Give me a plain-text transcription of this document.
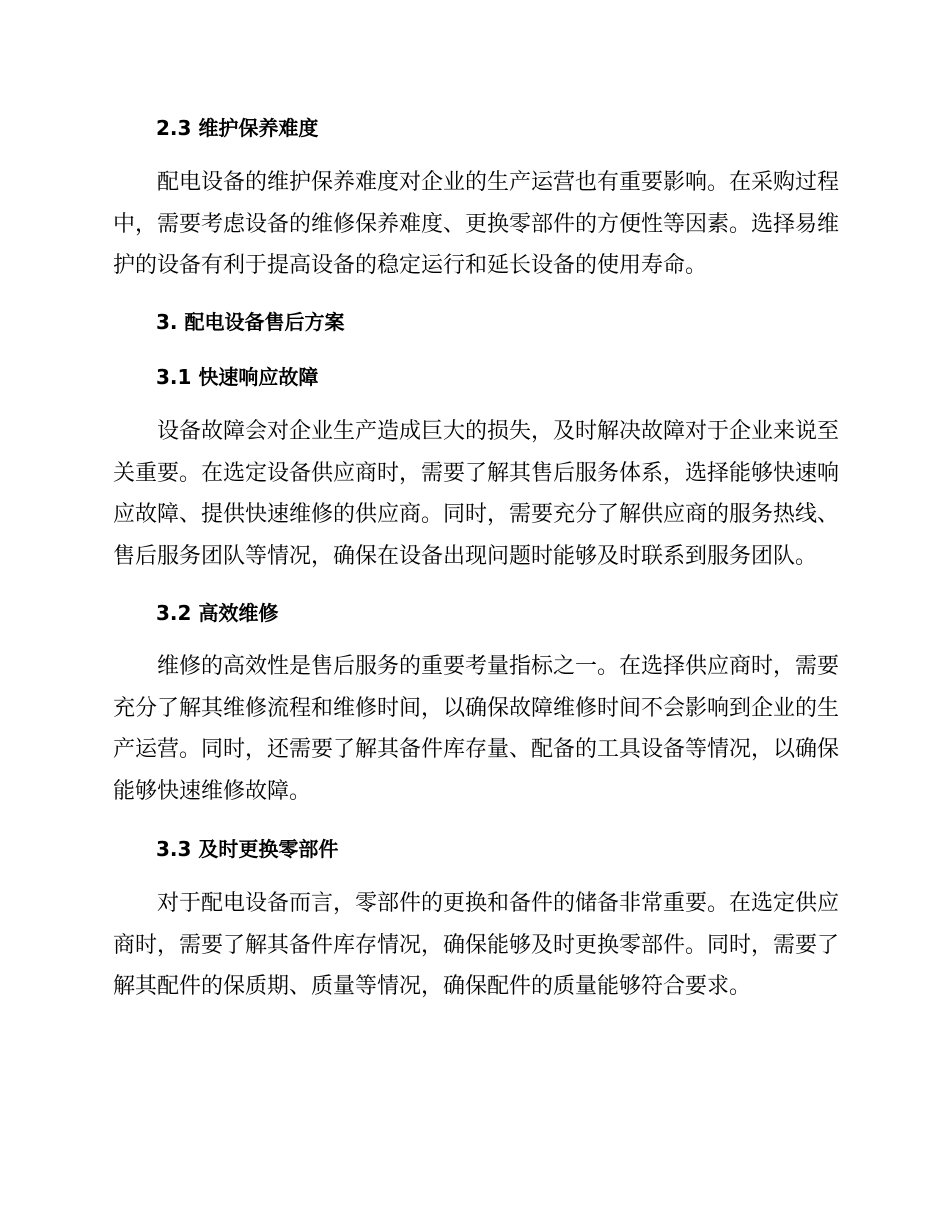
2.3 维护保养难度
配电设备的维护保养难度对企业的生产运营也有重要影响。在采购过程
中，需要考虑设备的维修保养难度、更换零部件的方便性等因素。选择易维
护的设备有利于提高设备的稳定运行和延长设备的使用寿命。
3. 配电设备售后方案
3.1 快速响应故障
设备故障会对企业生产造成巨大的损失，及时解决故障对于企业来说至
关重要。在选定设备供应商时，需要了解其售后服务体系，选择能够快速响
应故障、提供快速维修的供应商。同时，需要充分了解供应商的服务热线、
售后服务团队等情况，确保在设备出现问题时能够及时联系到服务团队。
3.2 高效维修
维修的高效性是售后服务的重要考量指标之一。在选择供应商时，需要
充分了解其维修流程和维修时间，以确保故障维修时间不会影响到企业的生
产运营。同时，还需要了解其备件库存量、配备的工具设备等情况，以确保
能够快速维修故障。
3.3 及时更换零部件
对于配电设备而言，零部件的更换和备件的储备非常重要。在选定供应
商时，需要了解其备件库存情况，确保能够及时更换零部件。同时，需要了
解其配件的保质期、质量等情况，确保配件的质量能够符合要求。
